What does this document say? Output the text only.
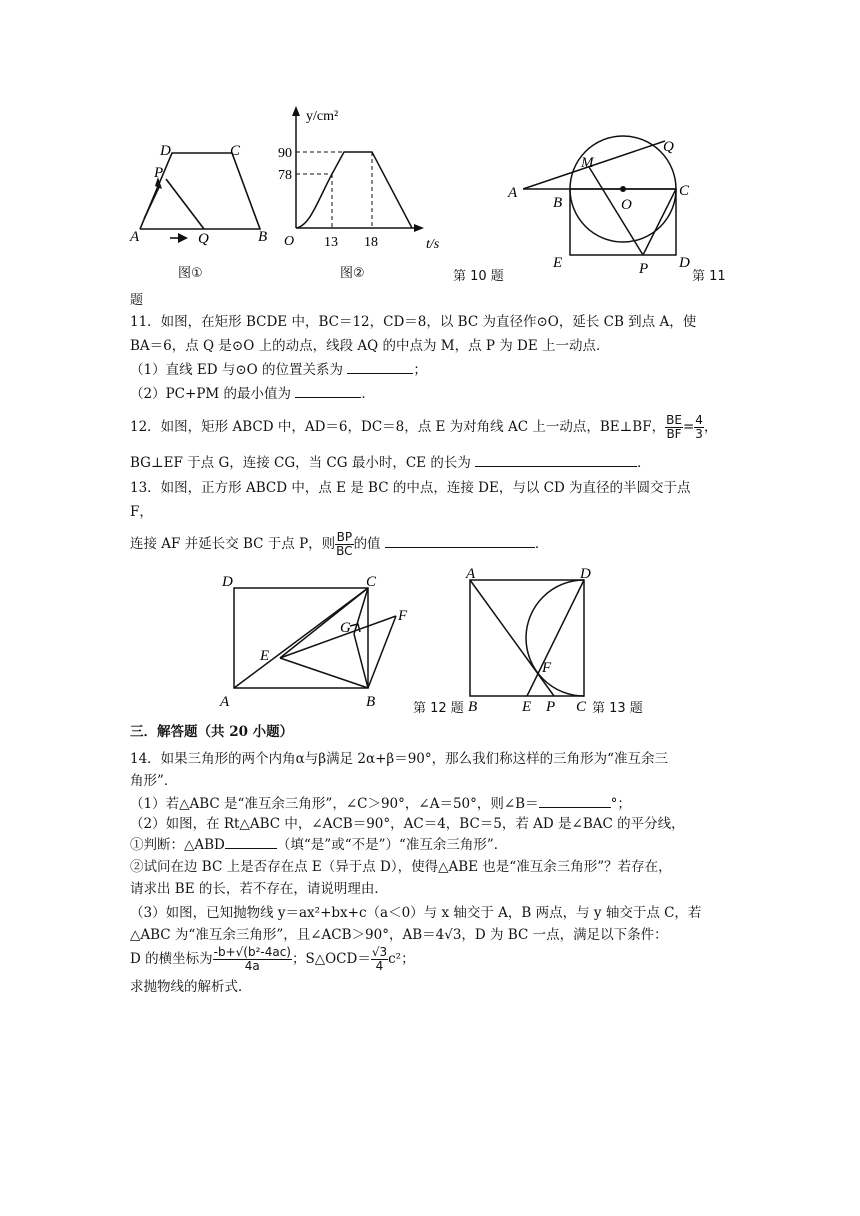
D	C
P
A	Q	B
图①
y/cm²
90
78
O 13 18	t/s
图②	第 10 题
M
Q
A
O
C
B
E	P D
第 11
题
11．如图，在矩形 BCDE 中，BC＝12，CD＝8，以 BC 为直径作⊙O，延长 CB 到点 A，使
BA＝6，点 Q 是⊙O 上的动点，线段 AQ 的中点为 M，点 P 为 DE 上一动点．
（1）直线 ED 与⊙O 的位置关系为	；
（2）PC+PM 的最小值为	．
12．如图，矩形 ABCD 中，AD＝6，DC＝8，点 E 为对角线 AC 上一动点，BE⊥BF， $\frac{BE}{BF} = \frac{4}{3}$ ，
BG⊥EF 于点 G，连接 CG，当 CG 最小时，CE 的长为	．
13．如图，正方形 ABCD 中，点 E 是 BC 的中点，连接 DE，与以 CD 为直径的半圆交于点
F，
连接 AF 并延长交 BC 于点 P，则 $\frac{BP}{BC}$ 的值	．
D	C
G
F
E
A	B	第 12 题
A	D
F
B	E P C 第 13 题
三．解答题（共 20 小题）
14．如果三角形的两个内角α与β满足 2α+β＝90°，那么我们称这样的三角形为“准互余三
角形”．
（1）若△ABC 是“准互余三角形”，∠C＞90°，∠A＝50°，则∠B＝	°；
（2）如图，在 Rt△ABC 中，∠ACB＝90°，AC＝4，BC＝5，若 AD 是∠BAC 的平分线，
①判断：△ABD	（填“是”或“不是”）“准互余三角形”．
②试问在边 BC 上是否存在点 E（异于点 D），使得△ABE 也是“准互余三角形”？若存在，
请求出 BE 的长，若不存在，请说明理由．
（3）如图，已知抛物线 y＝ax²+bx+c（a＜0）与 x 轴交于 A，B 两点，与 y 轴交于点 C，若
△ABC 为“准互余三角形”，且∠ACB＞90°，AB＝4√3，D 为 BC 一点，满足以下条件：
D 的横坐标为 $\frac{\text{-b+√(b²-4ac)}}{4a}$ ；S△OCD＝ $\frac{√3}{4} c^2$；
求抛物线的解析式．
